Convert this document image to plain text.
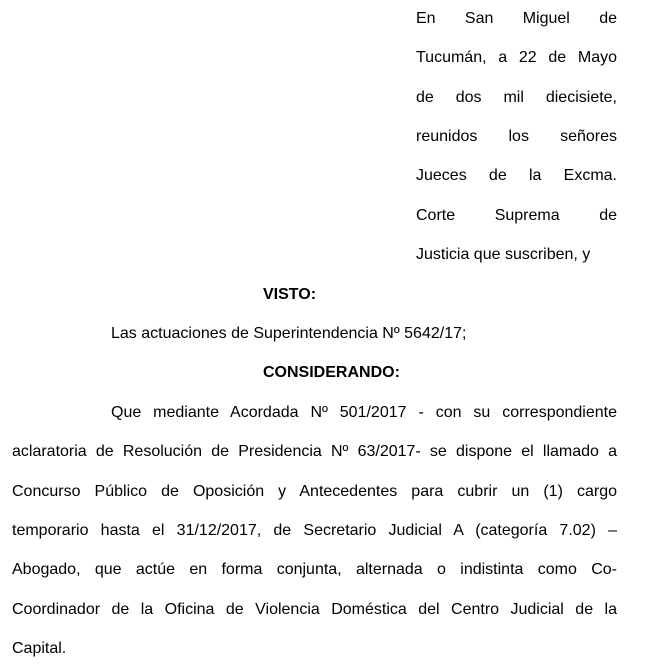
En San Miguel de
Tucumán, a 22 de Mayo
de dos mil diecisiete,
reunidos los señores
Jueces de la Excma.
Corte Suprema de
Justicia que suscriben, y
VISTO:
Las actuaciones de Superintendencia Nº 5642/17;
CONSIDERANDO:
Que mediante Acordada Nº 501/2017 - con su correspondiente
aclaratoria de Resolución de Presidencia Nº 63/2017- se dispone el llamado a
Concurso Público de Oposición y Antecedentes para cubrir un (1) cargo
temporario hasta el 31/12/2017, de Secretario Judicial A (categoría 7.02) –
Abogado, que actúe en forma conjunta, alternada o indistinta como Co-
Coordinador de la Oficina de Violencia Doméstica del Centro Judicial de la
Capital.
